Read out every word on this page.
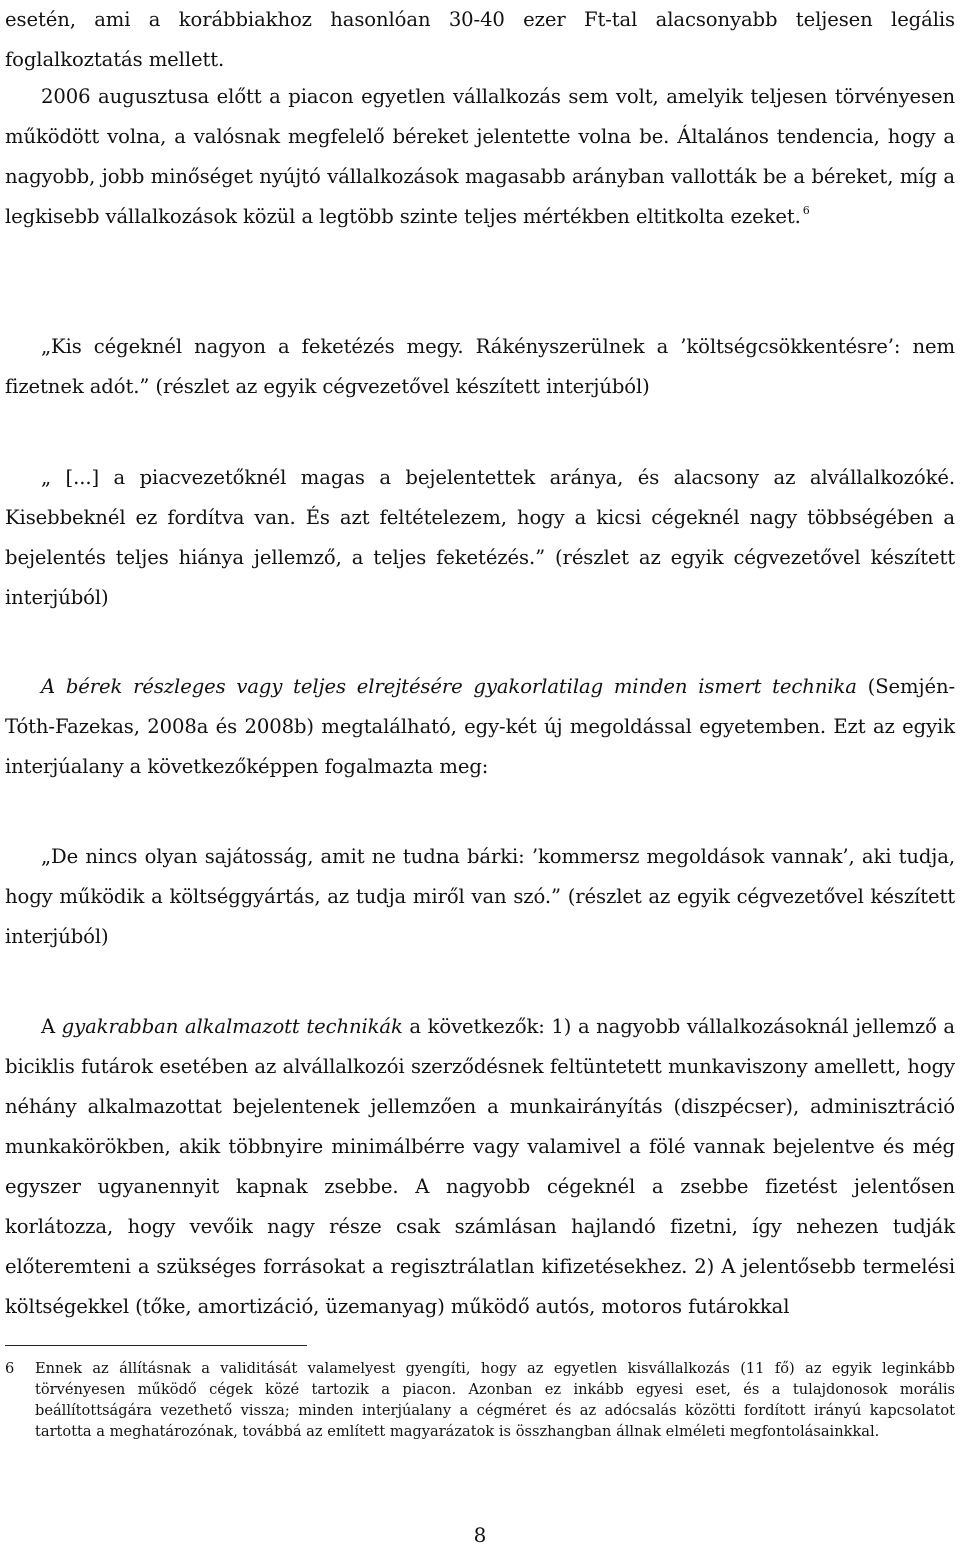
esetén, ami a korábbiakhoz hasonlóan 30-40 ezer Ft-tal alacsonyabb teljesen legális foglalkoztatás mellett.

2006 augusztusa előtt a piacon egyetlen vállalkozás sem volt, amelyik teljesen törvényesen működött volna, a valósnak megfelelő béreket jelentette volna be. Általános tendencia, hogy a nagyobb, jobb minőséget nyújtó vállalkozások magasabb arányban vallották be a béreket, míg a legkisebb vállalkozások közül a legtöbb szinte teljes mértékben eltitkolta ezeket. $^6$

„Kis cégeknél nagyon a feketézés megy. Rákényszerülnek a ’költségcsökkentésre’: nem fizetnek adót.” (részlet az egyik cégvezetővel készített interjúból)

„ [...] a piacvezetőknél magas a bejelentettek aránya, és alacsony az alvállalkozóké. Kisebbeknél ez fordítva van. És azt feltételezem, hogy a kicsi cégeknél nagy többségében a bejelentés teljes hiánya jellemző, a teljes feketézés.” (részlet az egyik cégvezetővel készített interjúból)

A bérek részleges vagy teljes elrejtésére gyakorlatilag minden ismert technika (Semjén-Tóth-Fazekas, 2008a és 2008b) megtalálható, egy-két új megoldással egyetemben. Ezt az egyik interjúalany a következőképpen fogalmazta meg:

„De nincs olyan sajátosság, amit ne tudna bárki: ’kommersz megoldások vannak’, aki tudja, hogy működik a költséggyártás, az tudja miről van szó.” (részlet az egyik cégvezetővel készített interjúból)

A gyakrabban alkalmazott technikák a következők: 1) a nagyobb vállalkozásoknál jellemző a biciklis futárok esetében az alvállalkozói szerződésnek feltüntetett munkaviszony amellett, hogy néhány alkalmazottat bejelentenek jellemzően a munkairányítás (diszpécser), adminisztráció munkakörökben, akik többnyire minimálbérre vagy valamivel a fölé vannak bejelentve és még egyszer ugyanennyit kapnak zsebbe. A nagyobb cégeknél a zsebbe fizetést jelentősen korlátozza, hogy vevőik nagy része csak számlásan hajlandó fizetni, így nehezen tudják előteremteni a szükséges forrásokat a regisztrálatlan kifizetésekhez. 2) A jelentősebb termelési költségekkel (tőke, amortizáció, üzemanyag) működő autós, motoros futárokkal

6 Ennek az állításnak a validitását valamelyest gyengíti, hogy az egyetlen kisvállalkozás (11 fő) az egyik leginkább törvényesen működő cégek közé tartozik a piacon. Azonban ez inkább egyesi eset, és a tulajdonosok morális beállítottságára vezethető vissza; minden interjúalany a cégméret és az adócsalás közötti fordított irányú kapcsolatot tartotta a meghatározónak, továbbá az említett magyarázatok is összhangban állnak elméleti megfontolásainkkal.
8
